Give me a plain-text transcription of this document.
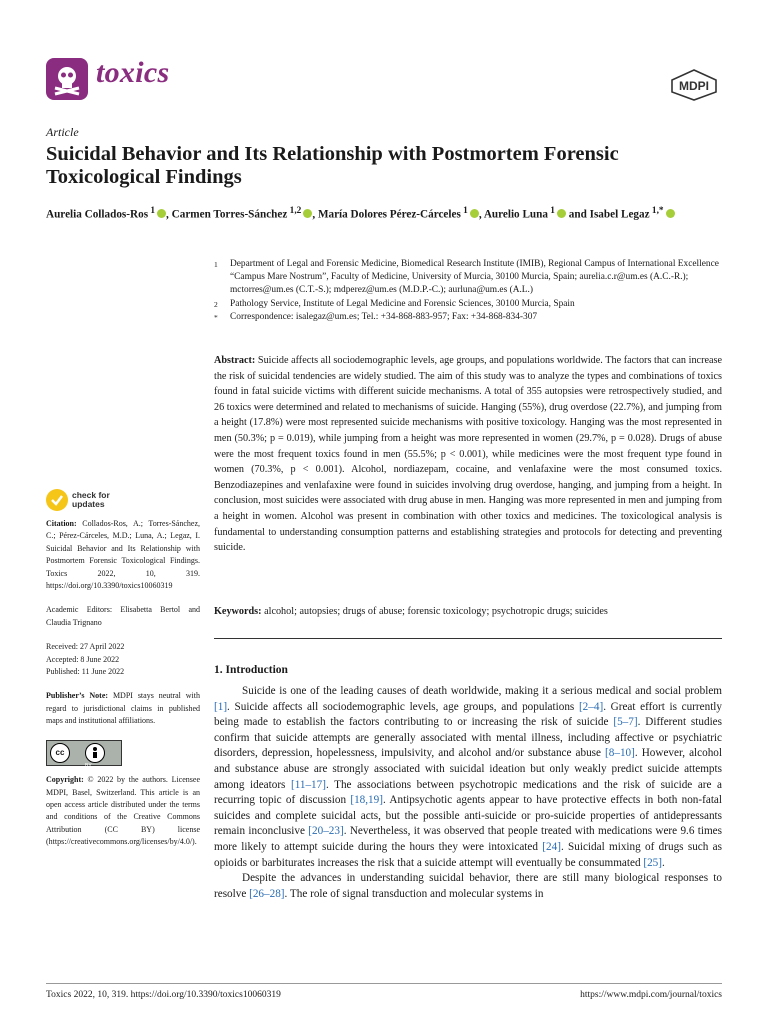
toxics	MDPI
Article
Suicidal Behavior and Its Relationship with Postmortem Forensic Toxicological Findings
Aurelia Collados-Ros $^1$ , Carmen Torres-Sánchez $^{1,2}$ , María Dolores Pérez-Cárceles $^1$ , Aurelio Luna $^1$ and Isabel Legaz $^{1,*}$
1	Department of Legal and Forensic Medicine, Biomedical Research Institute (IMIB), Regional Campus of International Excellence “Campus Mare Nostrum”, Faculty of Medicine, University of Murcia, 30100 Murcia, Spain; aurelia.c.r@um.es (A.C.-R.); mctorres@um.es (C.T.-S.); mdperez@um.es (M.D.P.-C.); aurluna@um.es (A.L.)
2	Pathology Service, Institute of Legal Medicine and Forensic Sciences, 30100 Murcia, Spain
*	Correspondence: isalegaz@um.es; Tel.: +34-868-883-957; Fax: +34-868-834-307
Abstract: Suicide affects all sociodemographic levels, age groups, and populations worldwide. The factors that can increase the risk of suicidal tendencies are widely studied. The aim of this study was to analyze the types and combinations of toxics found in fatal suicide victims with different suicide mechanisms. A total of 355 autopsies were retrospectively studied, and 26 toxics were determined and related to mechanisms of suicide. Hanging (55%), drug overdose (22.7%), and jumping from a height (17.8%) were most represented suicide mechanisms with positive toxicology. Hanging was the most represented in men (50.3%; p = 0.019), while jumping from a height was more represented in women (29.7%, p = 0.028). Drugs of abuse were the most frequent toxics found in men (55.5%; p < 0.001), while medicines were the most frequent type found in women (70.3%, p < 0.001). Alcohol, nordiazepam, cocaine, and venlafaxine were the most consumed toxics. Benzodiazepines and venlafaxine were found in suicides involving drug overdose, hanging, and jumping from a height. In conclusion, most suicides were associated with drug abuse in men. Hanging was more represented in men and jumping from a height in women. Alcohol was present in combination with other toxics and medicines. The toxicological analysis is fundamental to understanding consumption patterns and establishing strategies and protocols for detecting and preventing suicide.
Keywords: alcohol; autopsies; drugs of abuse; forensic toxicology; psychotropic drugs; suicides
1. Introduction

Suicide is one of the leading causes of death worldwide, making it a serious medical and social problem [1]. Suicide affects all sociodemographic levels, age groups, and populations [2–4]. Great effort is currently being made to establish the factors contributing to or increasing the risk of suicide [5–7]. Different studies confirm that suicide attempts are generally associated with mental illness, including affective or psychiatric disorders, depression, hopelessness, impulsivity, and alcohol and/or substance abuse [8–10]. However, alcohol and substance abuse are strongly associated with suicidal ideation but only weakly predict suicide attempts among ideators [11–17]. The associations between psychotropic medications and the risk of suicide are a recurring topic of discussion [18,19]. Antipsychotic agents appear to have protective effects in both non-fatal suicides and complete suicidal acts, but the possible anti-suicide or pro-suicide properties of antidepressants remain inconclusive [20–23]. Nevertheless, it was observed that people treated with medications were 9.6 times more likely to attempt suicide during the hours they were intoxicated [24]. Suicidal mixing of drugs such as opioids or barbiturates increases the risk that a suicide attempt will eventually be consummated [25].

Despite the advances in understanding suicidal behavior, there are still many biological responses to resolve [26–28]. The role of signal transduction and molecular systems in

check for updates
Citation: Collados-Ros, A.; Torres-Sánchez, C.; Pérez-Cárceles, M.D.; Luna, A.; Legaz, I. Suicidal Behavior and Its Relationship with Postmortem Forensic Toxicological Findings. Toxics 2022, 10, 319. https://doi.org/10.3390/toxics10060319
Academic Editors: Elisabetta Bertol and Claudia Trignano
Received: 27 April 2022
Accepted: 8 June 2022
Published: 11 June 2022
Publisher’s Note: MDPI stays neutral with regard to jurisdictional claims in published maps and institutional affiliations.
cc
BY
Copyright: © 2022 by the authors. Licensee MDPI, Basel, Switzerland. This article is an open access article distributed under the terms and conditions of the Creative Commons Attribution (CC BY) license (https://creativecommons.org/licenses/by/4.0/).
Toxics 2022, 10, 319. https://doi.org/10.3390/toxics10060319	https://www.mdpi.com/journal/toxics
